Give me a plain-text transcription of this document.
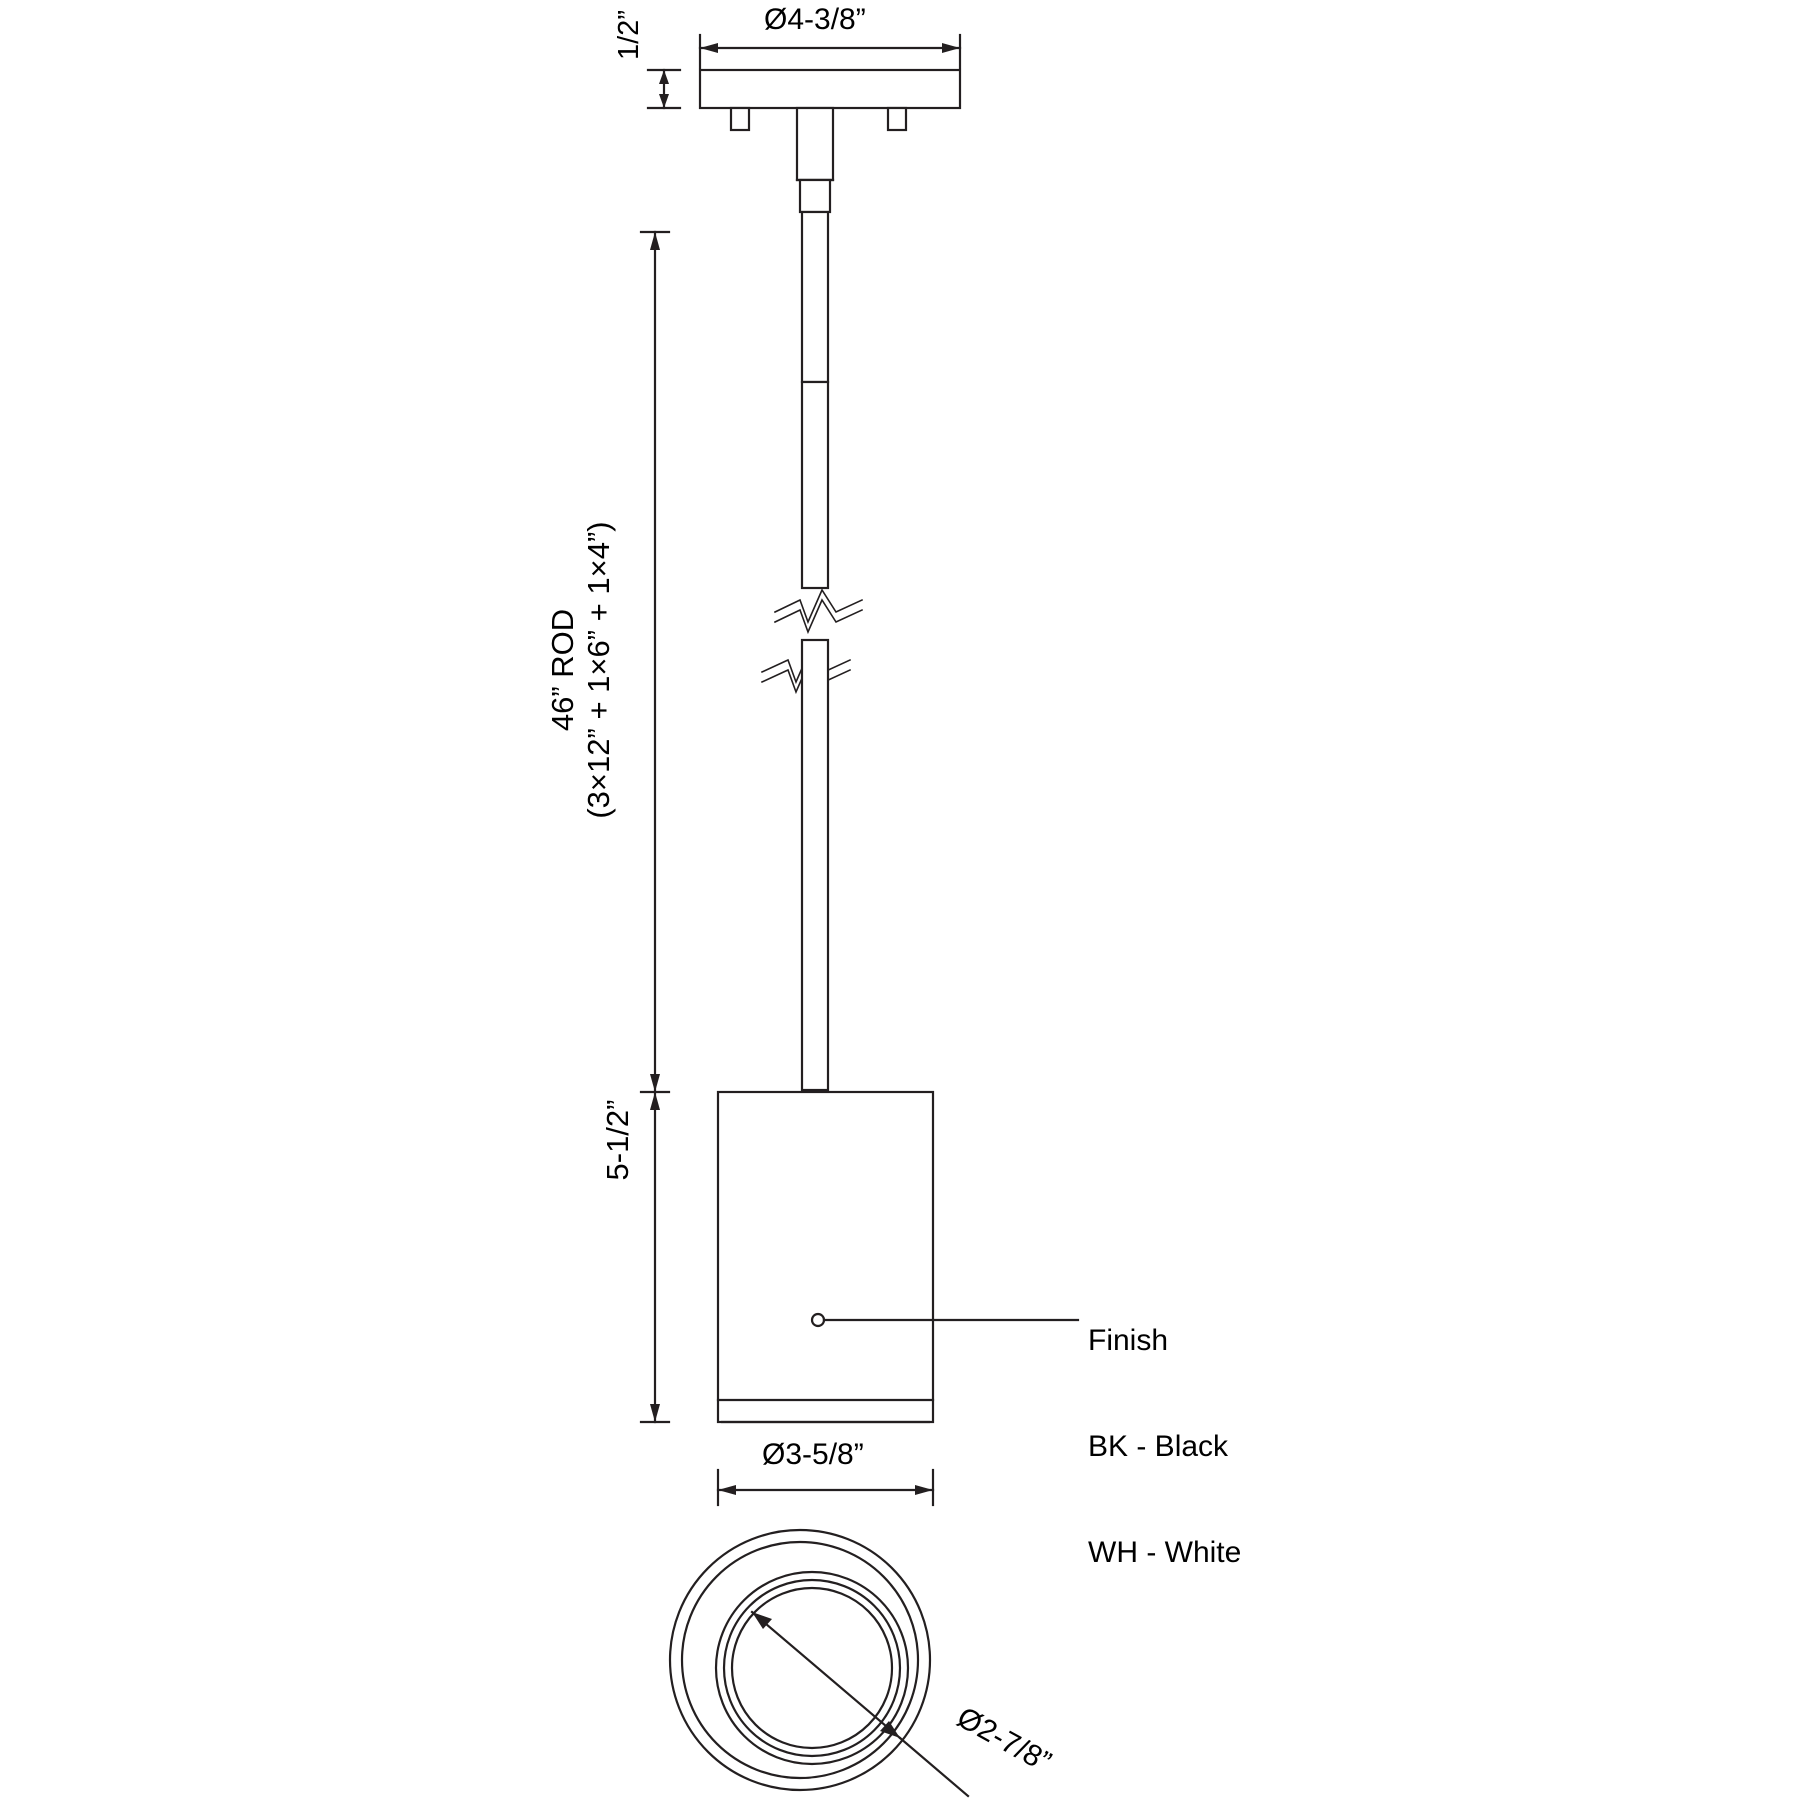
Ø4-3/8”
1/2”
46” ROD (3×12” + 1×6” + 1×4”)
5-1/2”
Ø3-5/8”

Finish

BK - Black

WH - White

Ø2-7/8”
